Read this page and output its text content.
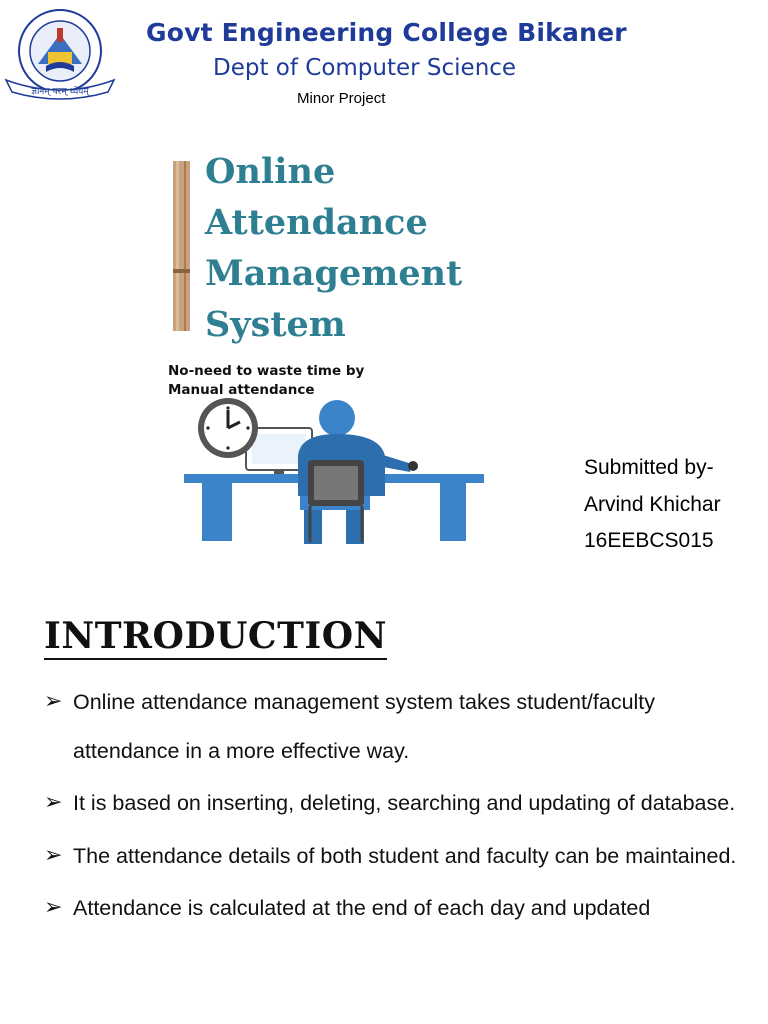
ज्ञानम् परम् ध्येयम्
Govt Engineering College Bikaner
Dept of Computer Science
Minor Project
Online
Attendance
Management
System
No-need to waste time by
Manual attendance
Submitted by-
Arvind Khichar
16EEBCS015
INTRODUCTION
➢ Online attendance management system takes student/faculty attendance in a more effective way.
➢ It is based on inserting, deleting, searching and updating of database.
➢ The attendance details of both student and faculty can be maintained.
➢ Attendance is calculated at the end of each day and updated
